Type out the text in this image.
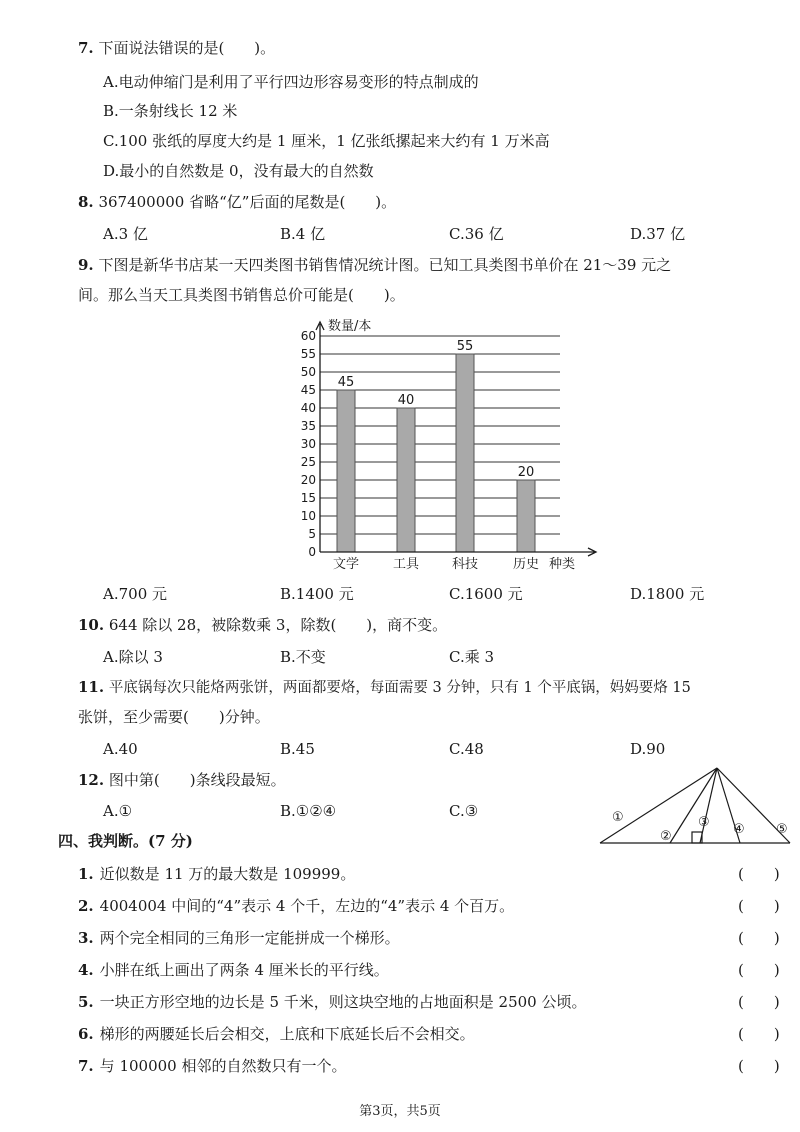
7. 下面说法错误的是(　　)。
A.电动伸缩门是利用了平行四边形容易变形的特点制成的
B.一条射线长 12 米
C.100 张纸的厚度大约是 1 厘米，1 亿张纸摞起来大约有 1 万米高
D.最小的自然数是 0，没有最大的自然数
8. 367400000 省略“亿”后面的尾数是(　　)。
A.3 亿	B.4 亿	C.36 亿	D.37 亿
9. 下图是新华书店某一天四类图书销售情况统计图。已知工具类图书单价在 21～39 元之
间。那么当天工具类图书销售总价可能是(　　)。
45
40
55
20
0
5
10
15
20
25
30
35
40
45
50
55
60
文学	工具	科技	历史
数量/本
种类
A.700 元	B.1400 元	C.1600 元	D.1800 元
10. 644 除以 28，被除数乘 3，除数(　　)，商不变。
A.除以 3	B.不变	C.乘 3
11. 平底锅每次只能烙两张饼，两面都要烙，每面需要 3 分钟，只有 1 个平底锅，妈妈要烙 15
张饼，至少需要(　　)分钟。
A.40	B.45	C.48	D.90
12. 图中第(　　)条线段最短。
A.①	B.①②④	C.③	①
②
③ ④ ⑤
四、我判断。(7 分)
1. 近似数是 11 万的最大数是 109999。	(　　)
2. 4004004 中间的“4”表示 4 个千，左边的“4”表示 4 个百万。	(　　)
3. 两个完全相同的三角形一定能拼成一个梯形。	(　　)
4. 小胖在纸上画出了两条 4 厘米长的平行线。	(　　)
5. 一块正方形空地的边长是 5 千米，则这块空地的占地面积是 2500 公顷。	(　　)
6. 梯形的两腰延长后会相交，上底和下底延长后不会相交。	(　　)
7. 与 100000 相邻的自然数只有一个。	(　　)
第3页，共5页
